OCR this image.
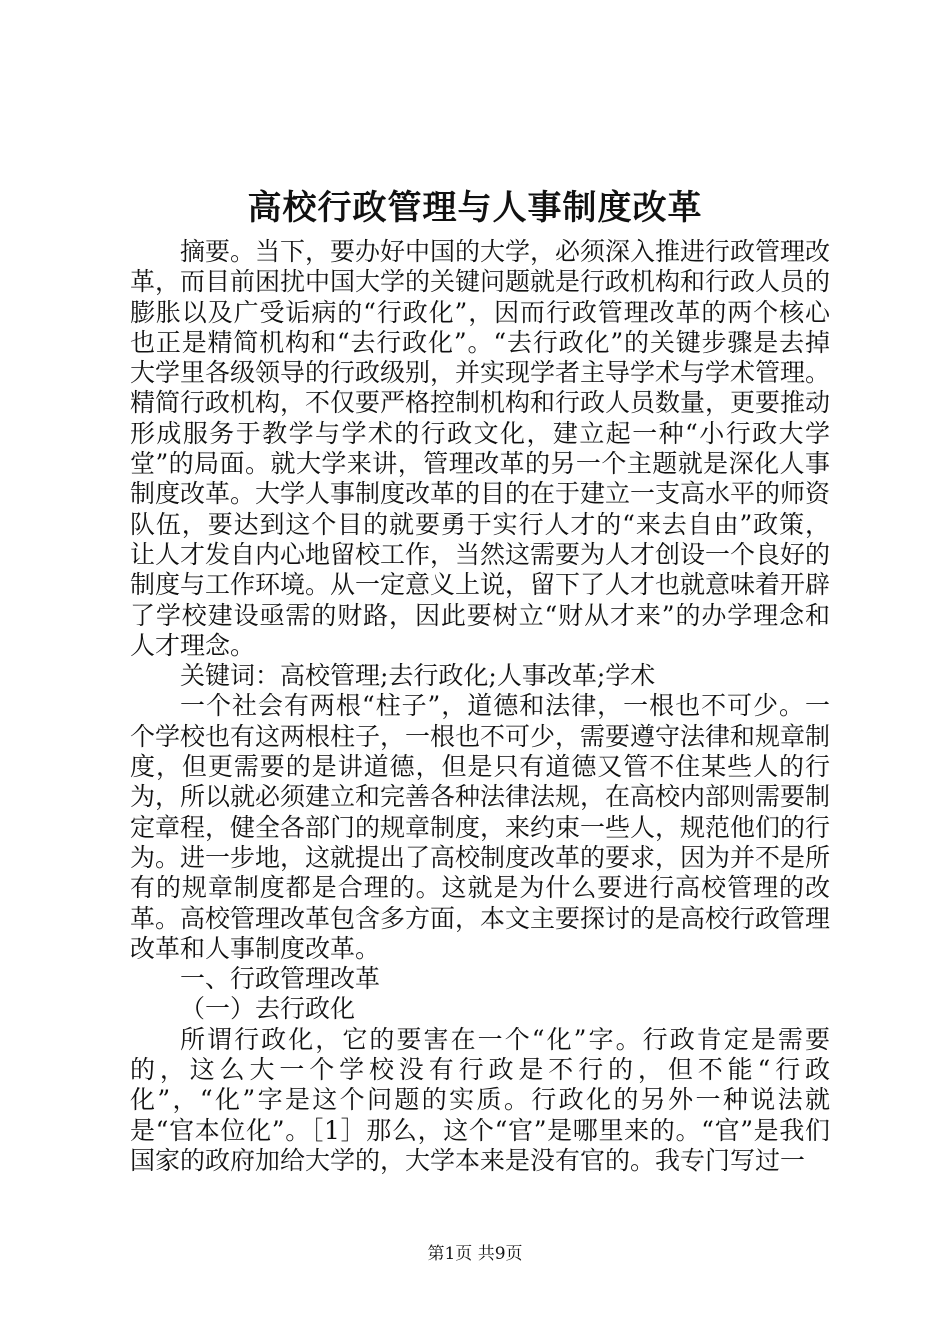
高校行政管理与人事制度改革

摘要。当下，要办好中国的大学，必须深入推进行政管理改革，而目前困扰中国大学的关键问题就是行政机构和行政人员的膨胀以及广受诟病的“行政化”，因而行政管理改革的两个核心也正是精简机构和“去行政化”。“去行政化”的关键步骤是去掉大学里各级领导的行政级别，并实现学者主导学术与学术管理。精简行政机构，不仅要严格控制机构和行政人员数量，更要推动形成服务于教学与学术的行政文化，建立起一种“小行政大学堂”的局面。就大学来讲，管理改革的另一个主题就是深化人事制度改革。大学人事制度改革的目的在于建立一支高水平的师资队伍，要达到这个目的就要勇于实行人才的“来去自由”政策，让人才发自内心地留校工作，当然这需要为人才创设一个良好的制度与工作环境。从一定意义上说，留下了人才也就意味着开辟了学校建设亟需的财路，因此要树立“财从才来”的办学理念和人才理念。

关键词：高校管理;去行政化;人事改革;学术

一个社会有两根“柱子”，道德和法律，一根也不可少。一个学校也有这两根柱子，一根也不可少，需要遵守法律和规章制度，但更需要的是讲道德，但是只有道德又管不住某些人的行为，所以就必须建立和完善各种法律法规，在高校内部则需要制定章程，健全各部门的规章制度，来约束一些人，规范他们的行为。进一步地，这就提出了高校制度改革的要求，因为并不是所有的规章制度都是合理的。这就是为什么要进行高校管理的改革。高校管理改革包含多方面，本文主要探讨的是高校行政管理改革和人事制度改革。

一、行政管理改革

（一）去行政化

所谓行政化，它的要害在一个“化”字。行政肯定是需要的，这么大一个学校没有行政是不行的，但不能“行政化”，“化”字是这个问题的实质。行政化的另外一种说法就是“官本位化”。［1］那么，这个“官”是哪里来的。“官”是我们国家的政府加给大学的，大学本来是没有官的。我专门写过一

第1页 共9页
